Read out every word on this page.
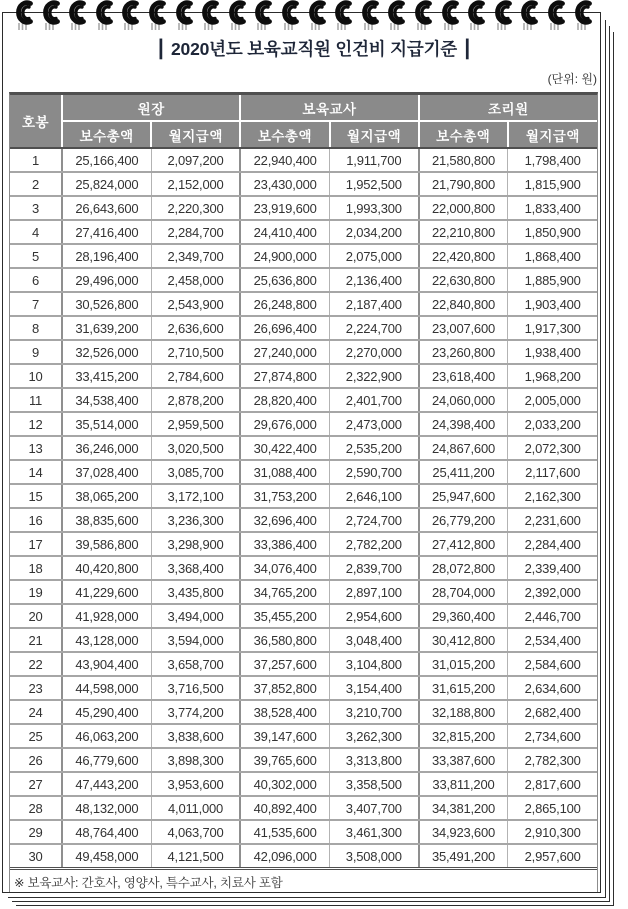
┃ 2020년도 보육교직원 인건비 지급기준 ┃
(단위: 원)
호봉	원장		보육교사		조리원	
	보수총액	월지급액	보수총액	월지급액	보수총액	월지급액
1	25,166,400	2,097,200	22,940,400	1,911,700	21,580,800	1,798,400
2	25,824,000	2,152,000	23,430,000	1,952,500	21,790,800	1,815,900
3	26,643,600	2,220,300	23,919,600	1,993,300	22,000,800	1,833,400
4	27,416,400	2,284,700	24,410,400	2,034,200	22,210,800	1,850,900
5	28,196,400	2,349,700	24,900,000	2,075,000	22,420,800	1,868,400
6	29,496,000	2,458,000	25,636,800	2,136,400	22,630,800	1,885,900
7	30,526,800	2,543,900	26,248,800	2,187,400	22,840,800	1,903,400
8	31,639,200	2,636,600	26,696,400	2,224,700	23,007,600	1,917,300
9	32,526,000	2,710,500	27,240,000	2,270,000	23,260,800	1,938,400
10	33,415,200	2,784,600	27,874,800	2,322,900	23,618,400	1,968,200
11	34,538,400	2,878,200	28,820,400	2,401,700	24,060,000	2,005,000
12	35,514,000	2,959,500	29,676,000	2,473,000	24,398,400	2,033,200
13	36,246,000	3,020,500	30,422,400	2,535,200	24,867,600	2,072,300
14	37,028,400	3,085,700	31,088,400	2,590,700	25,411,200	2,117,600
15	38,065,200	3,172,100	31,753,200	2,646,100	25,947,600	2,162,300
16	38,835,600	3,236,300	32,696,400	2,724,700	26,779,200	2,231,600
17	39,586,800	3,298,900	33,386,400	2,782,200	27,412,800	2,284,400
18	40,420,800	3,368,400	34,076,400	2,839,700	28,072,800	2,339,400
19	41,229,600	3,435,800	34,765,200	2,897,100	28,704,000	2,392,000
20	41,928,000	3,494,000	35,455,200	2,954,600	29,360,400	2,446,700
21	43,128,000	3,594,000	36,580,800	3,048,400	30,412,800	2,534,400
22	43,904,400	3,658,700	37,257,600	3,104,800	31,015,200	2,584,600
23	44,598,000	3,716,500	37,852,800	3,154,400	31,615,200	2,634,600
24	45,290,400	3,774,200	38,528,400	3,210,700	32,188,800	2,682,400
25	46,063,200	3,838,600	39,147,600	3,262,300	32,815,200	2,734,600
26	46,779,600	3,898,300	39,765,600	3,313,800	33,387,600	2,782,300
27	47,443,200	3,953,600	40,302,000	3,358,500	33,811,200	2,817,600
28	48,132,000	4,011,000	40,892,400	3,407,700	34,381,200	2,865,100
29	48,764,400	4,063,700	41,535,600	3,461,300	34,923,600	2,910,300
30	49,458,000	4,121,500	42,096,000	3,508,000	35,491,200	2,957,600
※ 보육교사: 간호사, 영양사, 특수교사, 치료사 포함						
